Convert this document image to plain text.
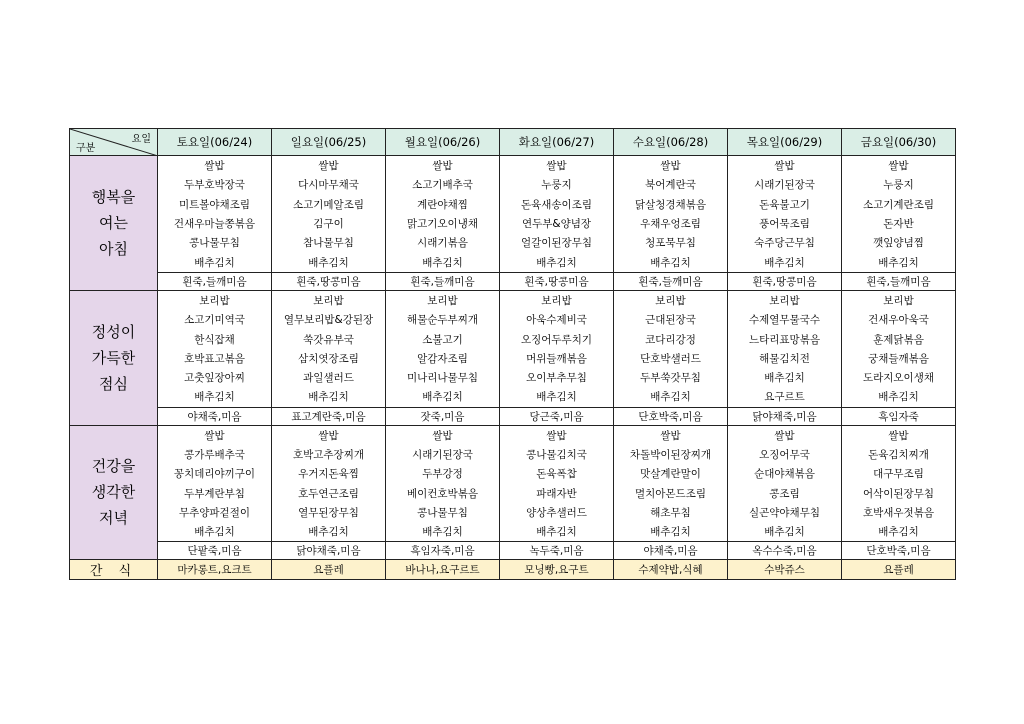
요일
구분	토요일(06/24)	일요일(06/25)	월요일(06/26)	화요일(06/27)	수요일(06/28)	목요일(06/29)	금요일(06/30)
행복을
여는
아침	쌀밥	쌀밥	쌀밥	쌀밥	쌀밥	쌀밥	쌀밥
	두부호박장국	다시마무채국	소고기배추국	누룽지	북어계란국	시래기된장국	누룽지
	미트볼야채조림	소고기메알조림	계란야채찜	돈육새송이조림	닭살청경채볶음	돈육불고기	소고기계란조림
	건새우마늘쫑볶음	김구이	맑고기오이냉채	연두부&양념장	우채우엉조림	풍어묵조림	돈자반
	콩나물무침	참나물무침	시래기볶음	얼갈이된장무침	청포묵무침	숙주당근무침	깻잎양념찜
	배추김치	배추김치	배추김치	배추김치	배추김치	배추김치	배추김치
	흰죽,들깨미음	흰죽,땅콩미음	흰죽,들깨미음	흰죽,땅콩미음	흰죽,들깨미음	흰죽,땅콩미음	흰죽,들깨미음
정성이
가득한
점심	보리밥	보리밥	보리밥	보리밥	보리밥	보리밥	보리밥
	소고기미역국	열무보리밥&강된장	해물순두부찌개	아욱수제비국	근대된장국	수제열무물국수	건새우아욱국
	한식잡채	쑥갓유부국	소불고기	오징어두루치기	코다리강정	느타리표망볶음	훈제닭볶음
	호박표고볶음	삼치엿장조림	알감자조림	머위들깨볶음	단호박샐러드	해물김치전	궁채들깨볶음
	고춧잎장아찌	과일샐러드	미나리나물무침	오이부추무침	두부쑥갓무침	배추김치	도라지오이생채
	배추김치	배추김치	배추김치	배추김치	배추김치	요구르트	배추김치
	야채죽,미음	표고계란죽,미음	잣죽,미음	당근죽,미음	단호박죽,미음	닭야채죽,미음	흑임자죽
건강을
생각한
저녁	쌀밥	쌀밥	쌀밥	쌀밥	쌀밥	쌀밥	쌀밥
	콩가루배추국	호박고추장찌개	시래기된장국	콩나물김치국	차돌박이된장찌개	오징어무국	돈육김치찌개
	꽁치데리야끼구이	우거지돈육찜	두부강정	돈육폭찹	맛살계란말이	순대야채볶음	대구무조림
	두부계란부침	호두연근조림	베이컨호박볶음	파래자반	멸치아몬드조림	콩조림	어삭이된장무침
	무추양파겉절이	열무된장무침	콩나물무침	양상추샐러드	해초무침	실곤약야채무침	호박새우젓볶음
	배추김치	배추김치	배추김치	배추김치	배추김치	배추김치	배추김치
	단팥죽,미음	닭야채죽,미음	흑임자죽,미음	녹두죽,미음	야채죽,미음	옥수수죽,미음	단호박죽,미음
간 식	마카롱트,요크트	요플레	바나나,요구르트	모닝빵,요구트	수제약밥,식혜	수박쥬스	요플레
